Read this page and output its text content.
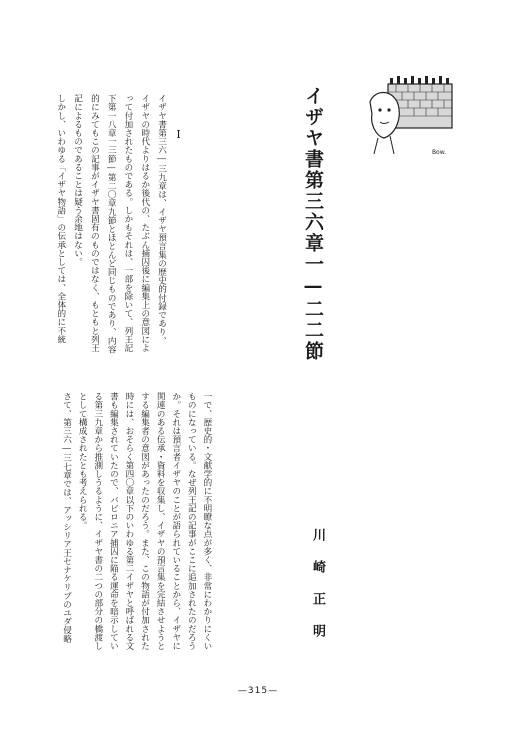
Bow.
イザヤ書第三六章一—二二節
川崎正明
I
イザヤ書第三六―三九章は、イザヤ預言集の歴史的付録であり、
イザヤの時代よりはるか後代の、たぶん捕囚後に編集上の意図によ
って付加されたものである。しかもそれは、一部を除いて、列王記
下第一八章一三節―第二〇章九節とほとんど同じものであり、内容
的にみてもこの記事がイザヤ書固有のものではなく、もともと列王
記によるものであることは疑う余地はない。
しかし、いわゆる「イザヤ物語」の伝承としては、全体的に不統
一で、歴史的・文献学的に不明瞭な点が多く、非常にわかりにくい
ものになっている。なぜ列王記の記事がここに追加されたのだろう
か。それは預言者イザヤのことが語られていることから、イザヤに
関連のある伝承・資料を収集し、イザヤの預言集を完結させようと
する編集者の意図があったのだろう。また、この物語が付加された
時には、おそらく第四〇章以下のいわゆる第二イザヤと呼ばれる文
書も編集されていたので、バビロニア捕囚に陥る運命を暗示してい
る第三九章から推測しうるように、イザヤ書の二つの部分の橋渡し
として構成されたとも考えられる。
さて、第三六―三七章では、アッシリア王セナケリブのユダ侵略
—315—
